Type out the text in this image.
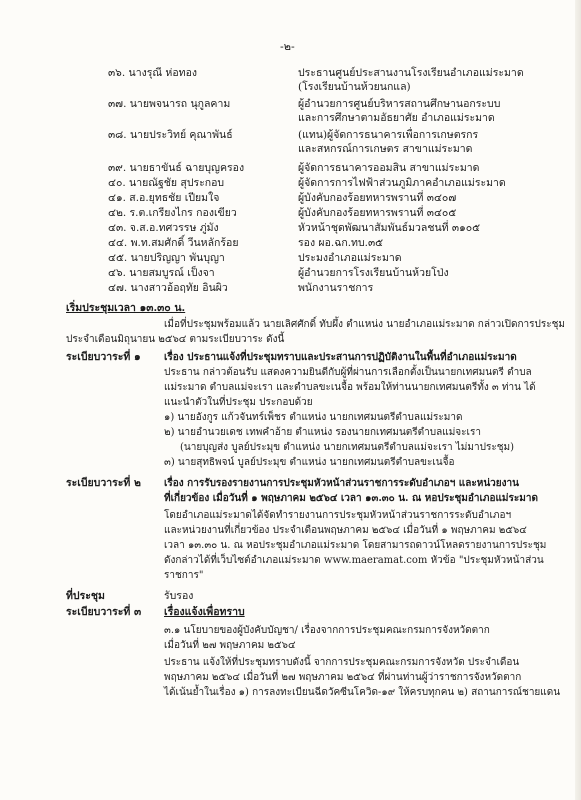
-๒-
๓๖. นางรุณี ห่อทอง	ประธานศูนย์ประสานงานโรงเรียนอำเภอแม่ระมาด
(โรงเรียนบ้านห้วยนกแล)
๓๗. นายพจนารถ นุกูลคาม	ผู้อำนวยการศูนย์บริหารสถานศึกษานอกระบบ
และการศึกษาตามอัธยาศัย อำเภอแม่ระมาด
๓๘. นายประวิทย์ คุณาพันธ์	(แทน)ผู้จัดการธนาคารเพื่อการเกษตรกร
และสหกรณ์การเกษตร สาขาแม่ระมาด
๓๙. นายธาขันธ์ ฉายบุญครอง	ผู้จัดการธนาคารออมสิน สาขาแม่ระมาด
๔๐. นายณัฐชัย สุประกอบ	ผู้จัดการการไฟฟ้าส่วนภูมิภาคอำเภอแม่ระมาด
๔๑. ส.อ.ยุทธชัย เปียมใจ	ผู้บังคับกองร้อยทหารพรานที่ ๓๔๐๗
๔๒. ร.ต.เกรียงไกร กองเขียว	ผู้บังคับกองร้อยทหารพรานที่ ๓๔๐๕
๔๓. จ.ส.อ.ทศวรรษ ภู่มัง	หัวหน้าชุดพัฒนาสัมพันธ์มวลชนที่ ๓๑๐๕
๔๔. พ.ท.สมศักดิ์ วีนหลักร้อย	รอง ผอ.ฉก.ทบ.๓๕
๔๕. นายปริญญา พันบุญา	ประมงอำเภอแม่ระมาด
๔๖. นายสมบูรณ์ เป็งจา	ผู้อำนวยการโรงเรียนบ้านห้วยโป่ง
๔๗. นางสาวอ้อฤทัย อินผิว	พนักงานราชการ
เริ่มประชุมเวลา ๑๓.๓๐ น.
เมื่อที่ประชุมพร้อมแล้ว นายเลิศศักดิ์ ทับผึ้ง ตำแหน่ง นายอำเภอแม่ระมาด กล่าวเปิดการประชุม
ประจำเดือนมิถุนายน ๒๕๖๔ ตามระเบียบวาระ ดังนี้
ระเบียบวาระที่ ๑ เรื่อง ประธานแจ้งที่ประชุมทราบและประสานการปฏิบัติงานในพื้นที่อำเภอแม่ระมาด
ประธาน กล่าวต้อนรับ แสดงความยินดีกับผู้ที่ผ่านการเลือกตั้งเป็นนายกเทศมนตรี ตำบล
แม่ระมาด ตำบลแม่จะเรา และตำบลขะเนจื้อ พร้อมให้ท่านนายกเทศมนตรีทั้ง ๓ ท่าน ได้
แนะนำตัวในที่ประชุม ประกอบด้วย
๑) นายอังกูร แก้วจันทร์เพ็ชร ตำแหน่ง นายกเทศมนตรีตำบลแม่ระมาด
๒) นายอำนวยเดช เทพคำอ้าย ตำแหน่ง รองนายกเทศมนตรีตำบลแม่จะเรา
(นายบุญส่ง บูลย์ประมุข ตำแหน่ง นายกเทศมนตรีตำบลแม่จะเรา ไม่มาประชุม)
๓) นายสุทธิพจน์ บูลย์ประมุข ตำแหน่ง นายกเทศมนตรีตำบลขะเนจื้อ
ระเบียบวาระที่ ๒ เรื่อง การรับรองรายงานการประชุมหัวหน้าส่วนราชการระดับอำเภอฯ และหน่วยงาน
ที่เกี่ยวข้อง เมื่อวันที่ ๑ พฤษภาคม ๒๕๖๔ เวลา ๑๓.๓๐ น. ณ หอประชุมอำเภอแม่ระมาด
โดยอำเภอแม่ระมาดได้จัดทำรายงานการประชุมหัวหน้าส่วนราชการระดับอำเภอฯ
และหน่วยงานที่เกี่ยวข้อง ประจำเดือนพฤษภาคม ๒๕๖๔ เมื่อวันที่ ๑ พฤษภาคม ๒๕๖๔
เวลา ๑๓.๓๐ น. ณ หอประชุมอำเภอแม่ระมาด โดยสามารถดาวน์โหลดรายงานการประชุม
ดังกล่าวได้ที่เว็บไซต์อำเภอแม่ระมาด www.maeramat.com หัวข้อ "ประชุมหัวหน้าส่วน
ราชการ"
ที่ประชุม	รับรอง
ระเบียบวาระที่ ๓ เรื่องแจ้งเพื่อทราบ
๓.๑ นโยบายของผู้บังคับบัญชา/ เรื่องจากการประชุมคณะกรมการจังหวัดตาก
เมื่อวันที่ ๒๗ พฤษภาคม ๒๕๖๔
ประธาน แจ้งให้ที่ประชุมทราบดังนี้ จากการประชุมคณะกรมการจังหวัด ประจำเดือน
พฤษภาคม ๒๕๖๔ เมื่อวันที่ ๒๗ พฤษภาคม ๒๕๖๔ ที่ผ่านท่านผู้ว่าราชการจังหวัดตาก
ได้เน้นย้ำในเรื่อง ๑) การลงทะเบียนฉีดวัคซีนโควิด-๑๙ ให้ครบทุกคน ๒) สถานการณ์ชายแดน
